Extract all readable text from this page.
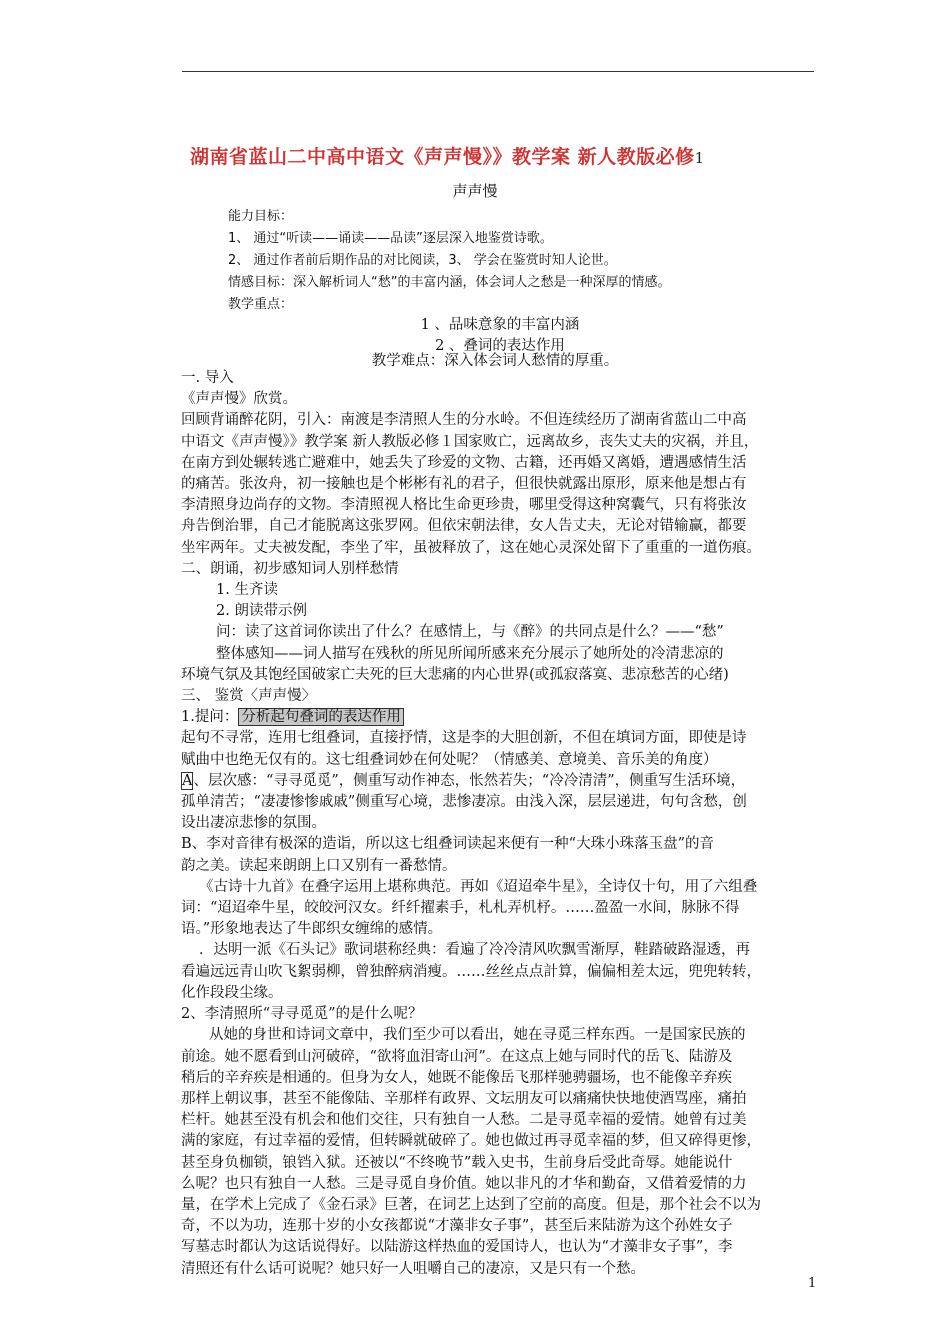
湖南省蓝山二中高中语文《声声慢》》教学案 新人教版必修1
声声慢
能力目标：
1、 通过“听读——诵读——品读”逐层深入地鉴赏诗歌。
2、 通过作者前后期作品的对比阅读，3、 学会在鉴赏时知人论世。
情感目标：深入解析词人“愁”的丰富内涵，体会词人之愁是一种深厚的情感。
教学重点：
1 、品味意象的丰富内涵
2 、叠词的表达作用
教学难点：深入体会词人愁情的厚重。

一. 导入

《声声慢》欣赏。

回顾背诵醉花阴，引入：南渡是李清照人生的分水岭。不但连续经历了湖南省蓝山二中高

中语文《声声慢》》教学案 新人教版必修１国家败亡，远离故乡，丧失丈夫的灾祸，并且，

在南方到处辗转逃亡避难中，她丢失了珍爱的文物、古籍，还再婚又离婚，遭遇感情生活

的痛苦。张汝舟，初一接触也是个彬彬有礼的君子，但很快就露出原形，原来他是想占有

李清照身边尚存的文物。李清照视人格比生命更珍贵，哪里受得这种窝囊气，只有将张汝

舟告倒治罪，自己才能脱离这张罗网。但依宋朝法律，女人告丈夫，无论对错输赢，都要

坐牢两年。丈夫被发配，李坐了牢，虽被释放了，这在她心灵深处留下了重重的一道伤痕。

二、朗诵，初步感知词人别样愁情

1. 生齐读

2. 朗读带示例

问：读了这首词你读出了什么？在感情上，与《醉》的共同点是什么？——“愁”

整体感知——词人描写在残秋的所见所闻所感来充分展示了她所处的冷清悲凉的

环境气氛及其饱经国破家亡夫死的巨大悲痛的内心世界(或孤寂落寞、悲凉愁苦的心绪)

三、 鉴赏〈声声慢〉

1.提问： 分析起句叠词的表达作用

起句不寻常，连用七组叠词，直接抒情，这是李的大胆创新，不但在填词方面，即使是诗

赋曲中也绝无仅有的。这七组叠词妙在何处呢？（情感美、意境美、音乐美的角度）

A、层次感：“寻寻觅觅”，侧重写动作神态，怅然若失；“冷冷清清”，侧重写生活环境，

孤单清苦；“凄凄惨惨戚戚”侧重写心境，悲惨凄凉。由浅入深，层层递进，句句含愁，创

设出凄凉悲惨的氛围。

B、李对音律有极深的造诣，所以这七组叠词读起来便有一种“大珠小珠落玉盘”的音

韵之美。读起来朗朗上口又别有一番愁情。

《古诗十九首》在叠字运用上堪称典范。再如《迢迢牵牛星》，全诗仅十句，用了六组叠

词：“迢迢牵牛星，皎皎河汉女。纤纤擢素手，札札弄机杼。……盈盈一水间，脉脉不得

语。”形象地表达了牛郎织女缠绵的感情。

．达明一派《石头记》歌词堪称经典：看遍了冷冷清风吹飘雪渐厚，鞋踏破路湿透，再

看遍远远青山吹飞絮弱柳，曾独醉病消瘦。……丝丝点点計算，偏偏相差太远，兜兜转转，

化作段段尘缘。

2、李清照所“寻寻觅觅”的是什么呢？

从她的身世和诗词文章中，我们至少可以看出，她在寻觅三样东西。一是国家民族的

前途。她不愿看到山河破碎，“欲将血泪寄山河”。在这点上她与同时代的岳飞、陆游及

稍后的辛弃疾是相通的。但身为女人，她既不能像岳飞那样驰骋疆场，也不能像辛弃疾

那样上朝议事，甚至不能像陆、辛那样有政界、文坛朋友可以痛痛快快地使酒骂座，痛拍

栏杆。她甚至没有机会和他们交往，只有独自一人愁。二是寻觅幸福的爱情。她曾有过美

满的家庭，有过幸福的爱情，但转瞬就破碎了。她也做过再寻觅幸福的梦，但又碎得更惨，

甚至身负枷锁，锒铛入狱。还被以“不终晚节”载入史书，生前身后受此奇辱。她能说什

么呢？也只有独自一人愁。三是寻觅自身价值。她以非凡的才华和勤奋，又借着爱情的力

量，在学术上完成了《金石录》巨著，在词艺上达到了空前的高度。但是，那个社会不以为

奇，不以为功，连那十岁的小女孩都说“才藻非女子事”，甚至后来陆游为这个孙姓女子

写墓志时都认为这话说得好。以陆游这样热血的爱国诗人，也认为“才藻非女子事”，李

清照还有什么话可说呢？她只好一人咀嚼自己的凄凉，又是只有一个愁。

1
